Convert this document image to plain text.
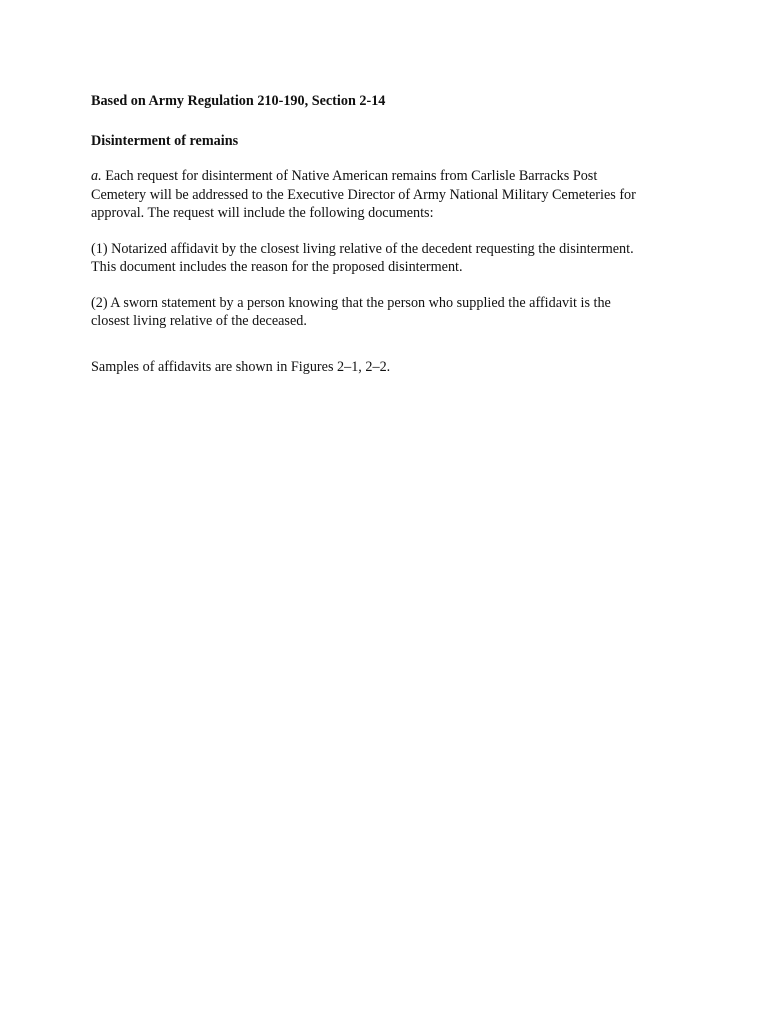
Based on Army Regulation 210-190, Section 2-14

Disinterment of remains

a. Each request for disinterment of Native American remains from Carlisle Barracks Post
Cemetery will be addressed to the Executive Director of Army National Military Cemeteries for
approval. The request will include the following documents:

(1) Notarized affidavit by the closest living relative of the decedent requesting the disinterment.
This document includes the reason for the proposed disinterment.

(2) A sworn statement by a person knowing that the person who supplied the affidavit is the
closest living relative of the deceased.

Samples of affidavits are shown in Figures 2–1, 2–2.
